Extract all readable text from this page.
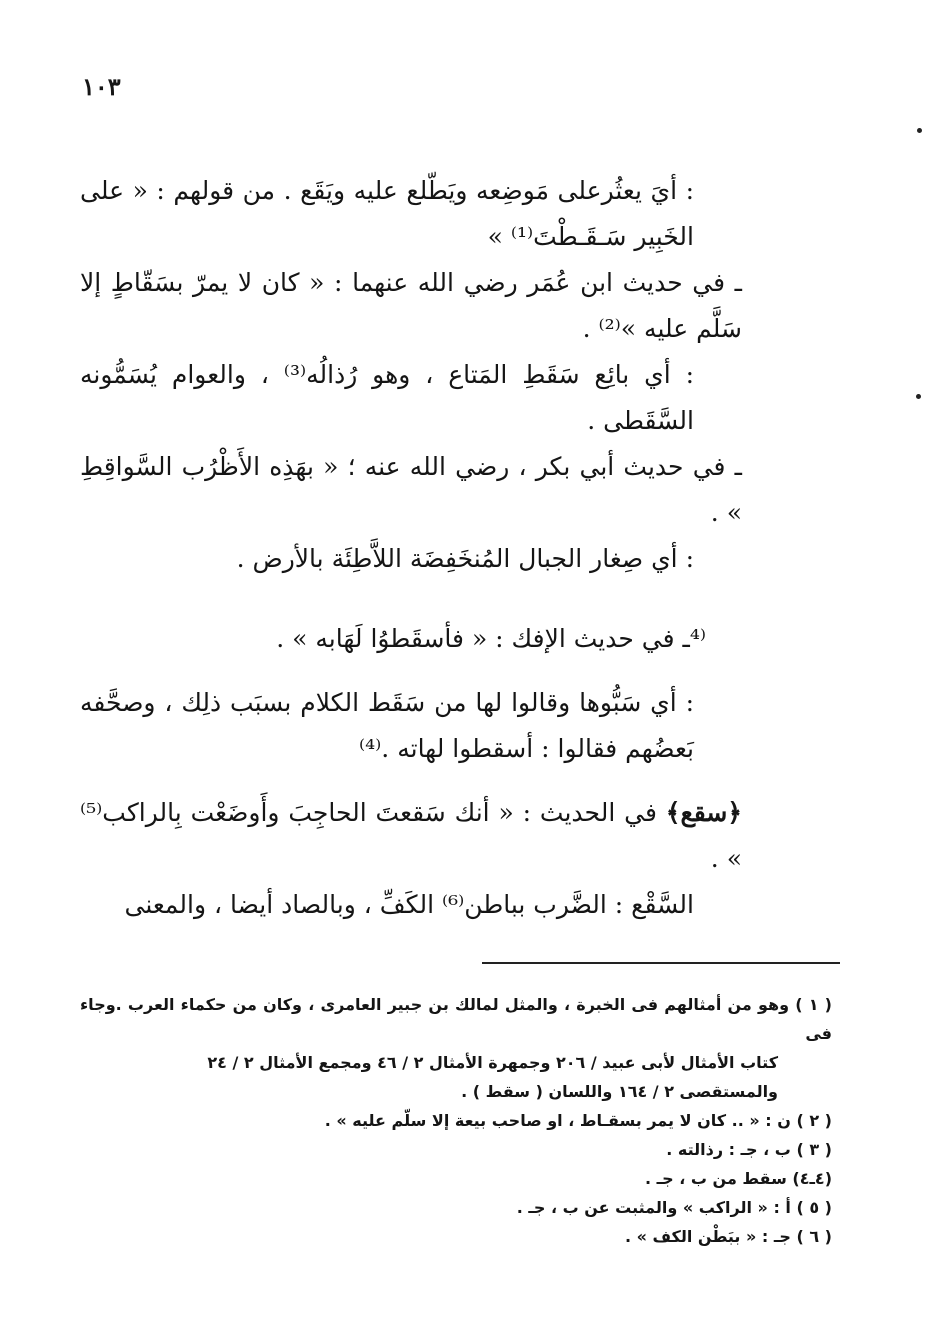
١٠٣

: أيَ يعثُرعلى مَوضِعه ويَطّلع عليه ويَقَع . من قولهم : « على الخَبِير سَـقَـطْتَ⁽¹⁾ »

ـ في حديث ابن عُمَر رضي الله عنهما : « كان لا يمرّ بسَقّاطٍ إلا سَلَّم عليه »⁽²⁾ .

: أي بائِع سَقَطِ المَتاع ، وهو رُذالُه⁽³⁾ ، والعوام يُسَمُّونه السَّقَطى .

ـ في حديث أبي بكر ، رضي الله عنه ؛ « بهَذِه الأَظْرُب السَّواقِطِ » .

: أي صِغار الجبال المُنخَفِضَة اللاَّطِئَة بالأرض .

⁽⁴ـ في حديث الإفك : « فأسقَطوُا لَهَابه » .

: أي سَبُّوها وقالوا لها من سَقَط الكلام بسبَب ذلِك ، وصحَّفه بَعضُهم فقالوا : أسقطوا لهاته .⁽⁴⁾

﴿سقع﴾ في الحديث : « أنك سَقعتَ الحاجِبَ وأَوضَعْت بِالراكب⁽⁵⁾ » .

السَّقْع : الضَّرب بباطن⁽⁶⁾ الكَفِّ ، وبالصاد أيضا ، والمعنى

( ١ ) وهو من أمثالهم فى الخبرة ، والمثل لمالك بن جبير العامرى ، وكان من حكماء العرب .وجاء فى

كتاب الأمثال لأبى عبيد / ٢٠٦ وجمهرة الأمثال ٢ / ٤٦ ومجمع الأمثال ٢ / ٢٤

والمستقصى ٢ / ١٦٤ واللسان ( سقط ) .

( ٢ ) ن : « .. كان لا يمر بسقـاط ، او صاحب بيعة إلا سلّم عليه » .

( ٣ ) ب ، جـ : رذالته .

(٤ـ٤) سقط من ب ، جـ .

( ٥ ) أ : « الراكب » والمثبت عن ب ، جـ .

( ٦ ) جـ : « ببَطْن الكف » .
